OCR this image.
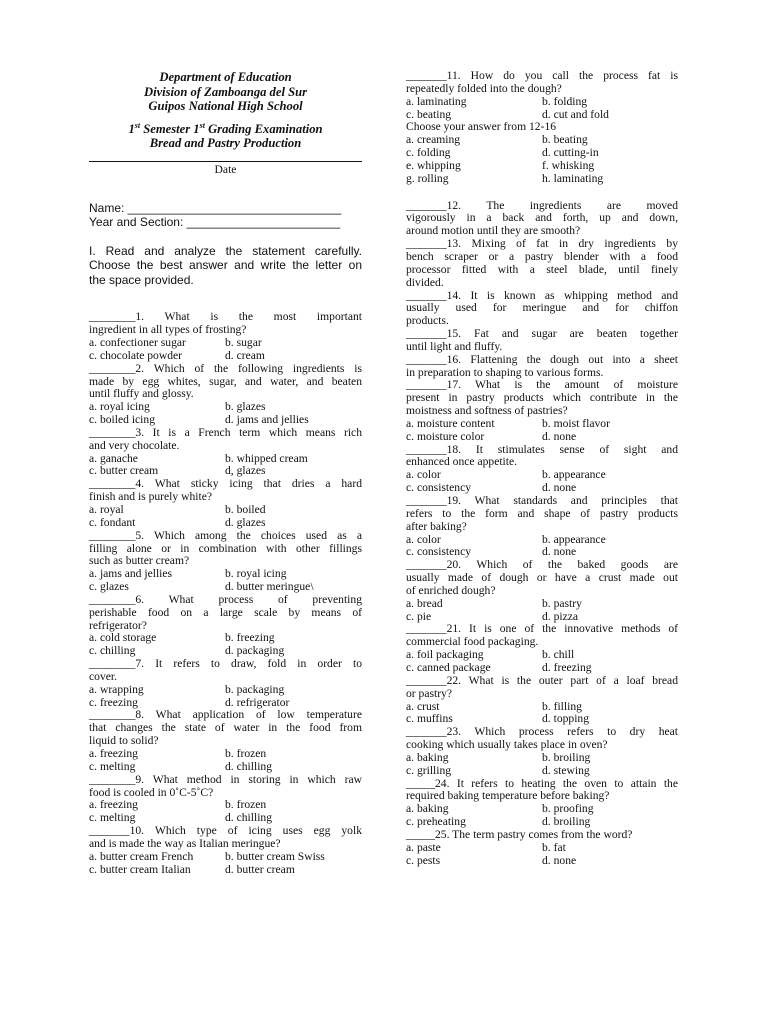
Department of Education
Division of Zamboanga del Sur
Guipos National High School
1st Semester 1st Grading Examination
Bread and Pastry Production
Date
Name: ________________________________
Year and Section: _______________________
I. Read and analyze the statement carefully.
Choose the best answer and write the letter on
the space provided.
________1. What is the most important
ingredient in all types of frosting?
a. confectioner sugar	b. sugar
c. chocolate powder	d. cream
________2. Which of the following ingredients is
made by egg whites, sugar, and water, and beaten
until fluffy and glossy.
a. royal icing	b. glazes
c. boiled icing	d. jams and jellies
________3. It is a French term which means rich
and very chocolate.
a. ganache	b. whipped cream
c. butter cream	d, glazes
________4. What sticky icing that dries a hard
finish and is purely white?
a. royal	b. boiled
c. fondant	d. glazes
________5. Which among the choices used as a
filling alone or in combination with other fillings
such as butter cream?
a. jams and jellies	b. royal icing
c. glazes	d. butter meringue\
________6. What process of preventing
perishable food on a large scale by means of
refrigerator?
a. cold storage	b. freezing
c. chilling	d. packaging
________7. It refers to draw, fold in order to
cover.
a. wrapping	b. packaging
c. freezing	d. refrigerator
________8. What application of low temperature
that changes the state of water in the food from
liquid to solid?
a. freezing	b. frozen
c. melting	d. chilling
________9. What method in storing in which raw
food is cooled in 0˚C-5˚C?
a. freezing	b. frozen
c. melting	d. chilling
_______10. Which type of icing uses egg yolk
and is made the way as Italian meringue?
a. butter cream French	b. butter cream Swiss
c. butter cream Italian	d. butter cream
_______11. How do you call the process fat is
repeatedly folded into the dough?
a. laminating	b. folding
c. beating	d. cut and fold
Choose your answer from 12-16
a. creaming	b. beating
c. folding	d. cutting-in
e. whipping	f. whisking
g. rolling	h. laminating
_______12. The ingredients are moved
vigorously in a back and forth, up and down,
around motion until they are smooth?
_______13. Mixing of fat in dry ingredients by
bench scraper or a pastry blender with a food
processor fitted with a steel blade, until finely
divided.
_______14. It is known as whipping method and
usually used for meringue and for chiffon
products.
_______15. Fat and sugar are beaten together
until light and fluffy.
_______16. Flattening the dough out into a sheet
in preparation to shaping to various forms.
_______17. What is the amount of moisture
present in pastry products which contribute in the
moistness and softness of pastries?
a. moisture content	b. moist flavor
c. moisture color	d. none
_______18. It stimulates sense of sight and
enhanced once appetite.
a. color	b. appearance
c. consistency	d. none
_______19. What standards and principles that
refers to the form and shape of pastry products
after baking?
a. color	b. appearance
c. consistency	d. none
_______20. Which of the baked goods are
usually made of dough or have a crust made out
of enriched dough?
a. bread	b. pastry
c. pie	d. pizza
_______21. It is one of the innovative methods of
commercial food packaging.
a. foil packaging	b. chill
c. canned package	d. freezing
_______22. What is the outer part of a loaf bread
or pastry?
a. crust	b. filling
c. muffins	d. topping
_______23. Which process refers to dry heat
cooking which usually takes place in oven?
a. baking	b. broiling
c. grilling	d. stewing
_____24. It refers to heating the oven to attain the
required baking temperature before baking?
a. baking	b. proofing
c. preheating	d. broiling
_____25. The term pastry comes from the word?
a. paste	b. fat
c. pests	d. none
